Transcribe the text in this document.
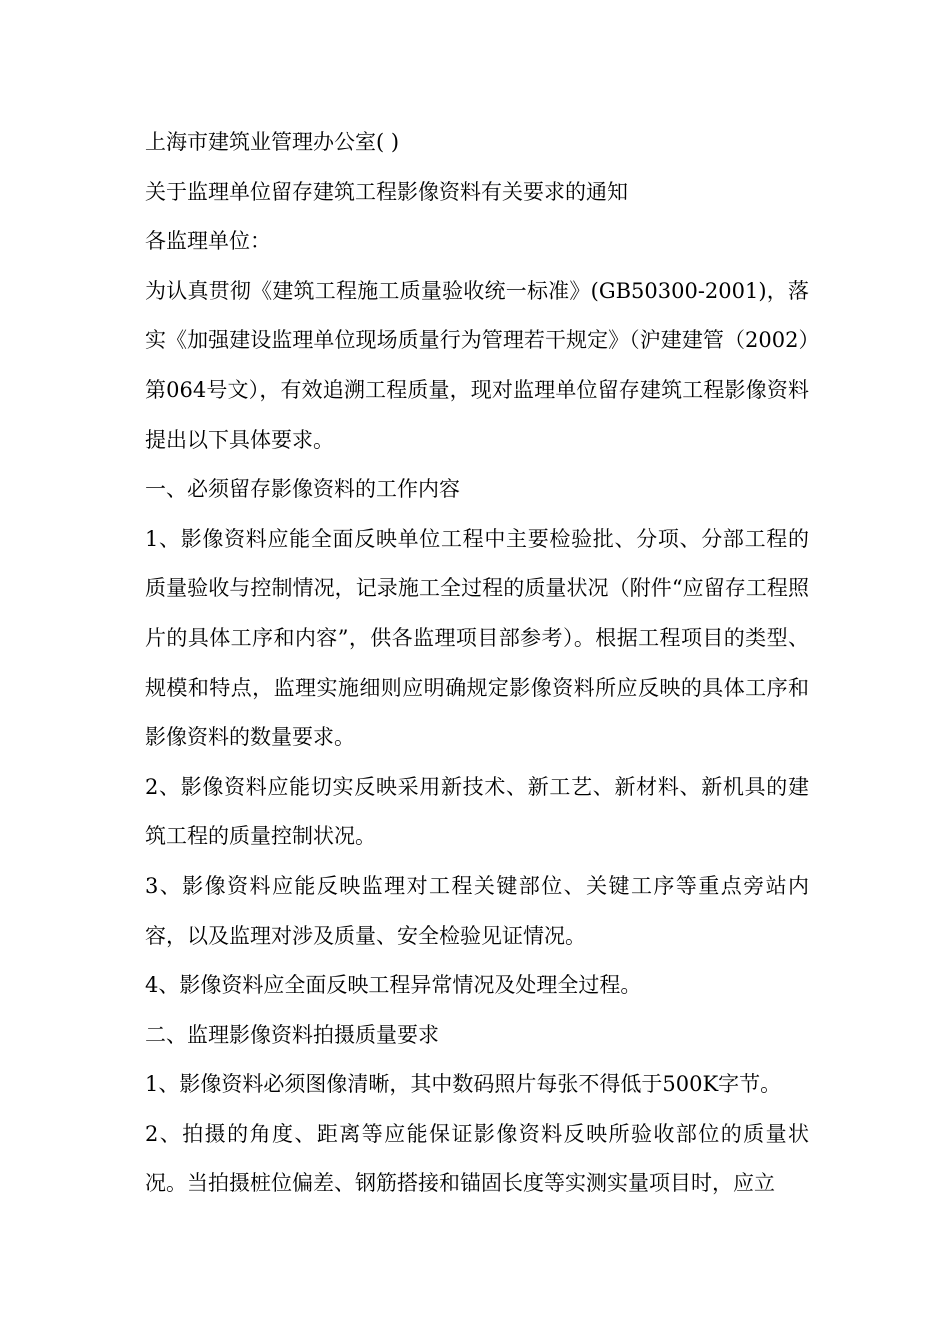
上海市建筑业管理办公室( )

关于监理单位留存建筑工程影像资料有关要求的通知

各监理单位：

为认真贯彻《建筑工程施工质量验收统一标准》(GB50300-2001)，落实《加强建设监理单位现场质量行为管理若干规定》（沪建建管（2002）第064号文），有效追溯工程质量，现对监理单位留存建筑工程影像资料提出以下具体要求。

一、必须留存影像资料的工作内容

1、影像资料应能全面反映单位工程中主要检验批、分项、分部工程的质量验收与控制情况，记录施工全过程的质量状况（附件“应留存工程照片的具体工序和内容”，供各监理项目部参考）。根据工程项目的类型、规模和特点，监理实施细则应明确规定影像资料所应反映的具体工序和影像资料的数量要求。

2、影像资料应能切实反映采用新技术、新工艺、新材料、新机具的建筑工程的质量控制状况。

3、影像资料应能反映监理对工程关键部位、关键工序等重点旁站内容，以及监理对涉及质量、安全检验见证情况。

4、影像资料应全面反映工程异常情况及处理全过程。

二、监理影像资料拍摄质量要求

1、影像资料必须图像清晰，其中数码照片每张不得低于500K字节。

2、拍摄的角度、距离等应能保证影像资料反映所验收部位的质量状况。当拍摄桩位偏差、钢筋搭接和锚固长度等实测实量项目时，应立
